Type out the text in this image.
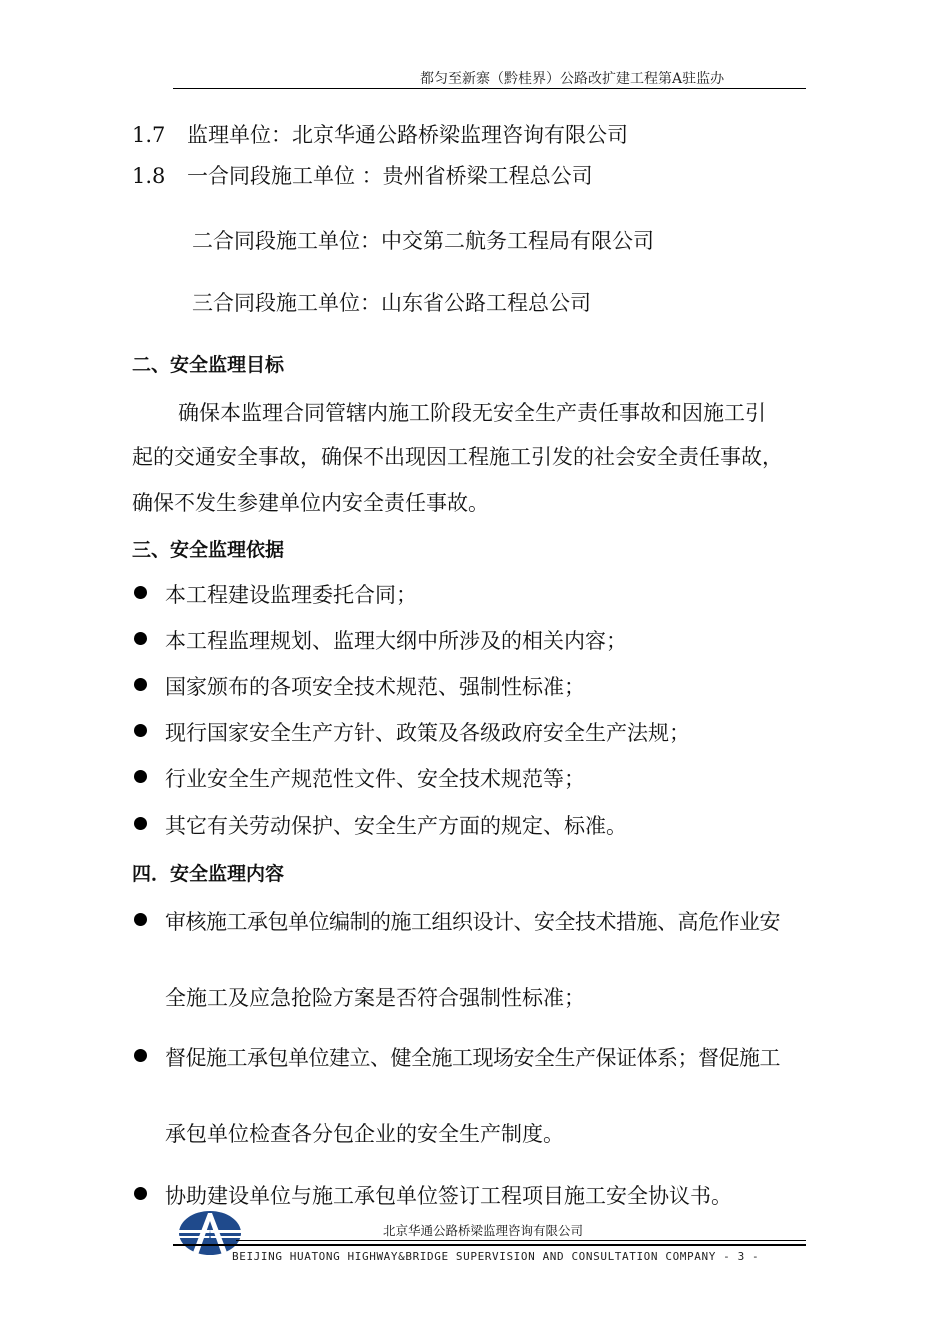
都匀至新寨（黔桂界）公路改扩建工程第A驻监办
1.7 监理单位：北京华通公路桥梁监理咨询有限公司
1.8 一合同段施工单位 ：贵州省桥梁工程总公司
二合同段施工单位：中交第二航务工程局有限公司
三合同段施工单位：山东省公路工程总公司
二、安全监理目标
确保本监理合同管辖内施工阶段无安全生产责任事故和因施工引
起的交通安全事故，确保不出现因工程施工引发的社会安全责任事故，
确保不发生参建单位内安全责任事故。
三、安全监理依据
本工程建设监理委托合同；
本工程监理规划、监理大纲中所涉及的相关内容；
国家颁布的各项安全技术规范、强制性标准；
现行国家安全生产方针、政策及各级政府安全生产法规；
行业安全生产规范性文件、安全技术规范等；
其它有关劳动保护、安全生产方面的规定、标准。
四．安全监理内容
审核施工承包单位编制的施工组织设计、安全技术措施、高危作业安
全施工及应急抢险方案是否符合强制性标准；
督促施工承包单位建立、健全施工现场安全生产保证体系；督促施工
承包单位检查各分包企业的安全生产制度。
协助建设单位与施工承包单位签订工程项目施工安全协议书。
北京华通公路桥梁监理咨询有限公司
BEIJING HUATONG HIGHWAY&BRIDGE SUPERVISION AND CONSULTATION COMPANY - 3 -
